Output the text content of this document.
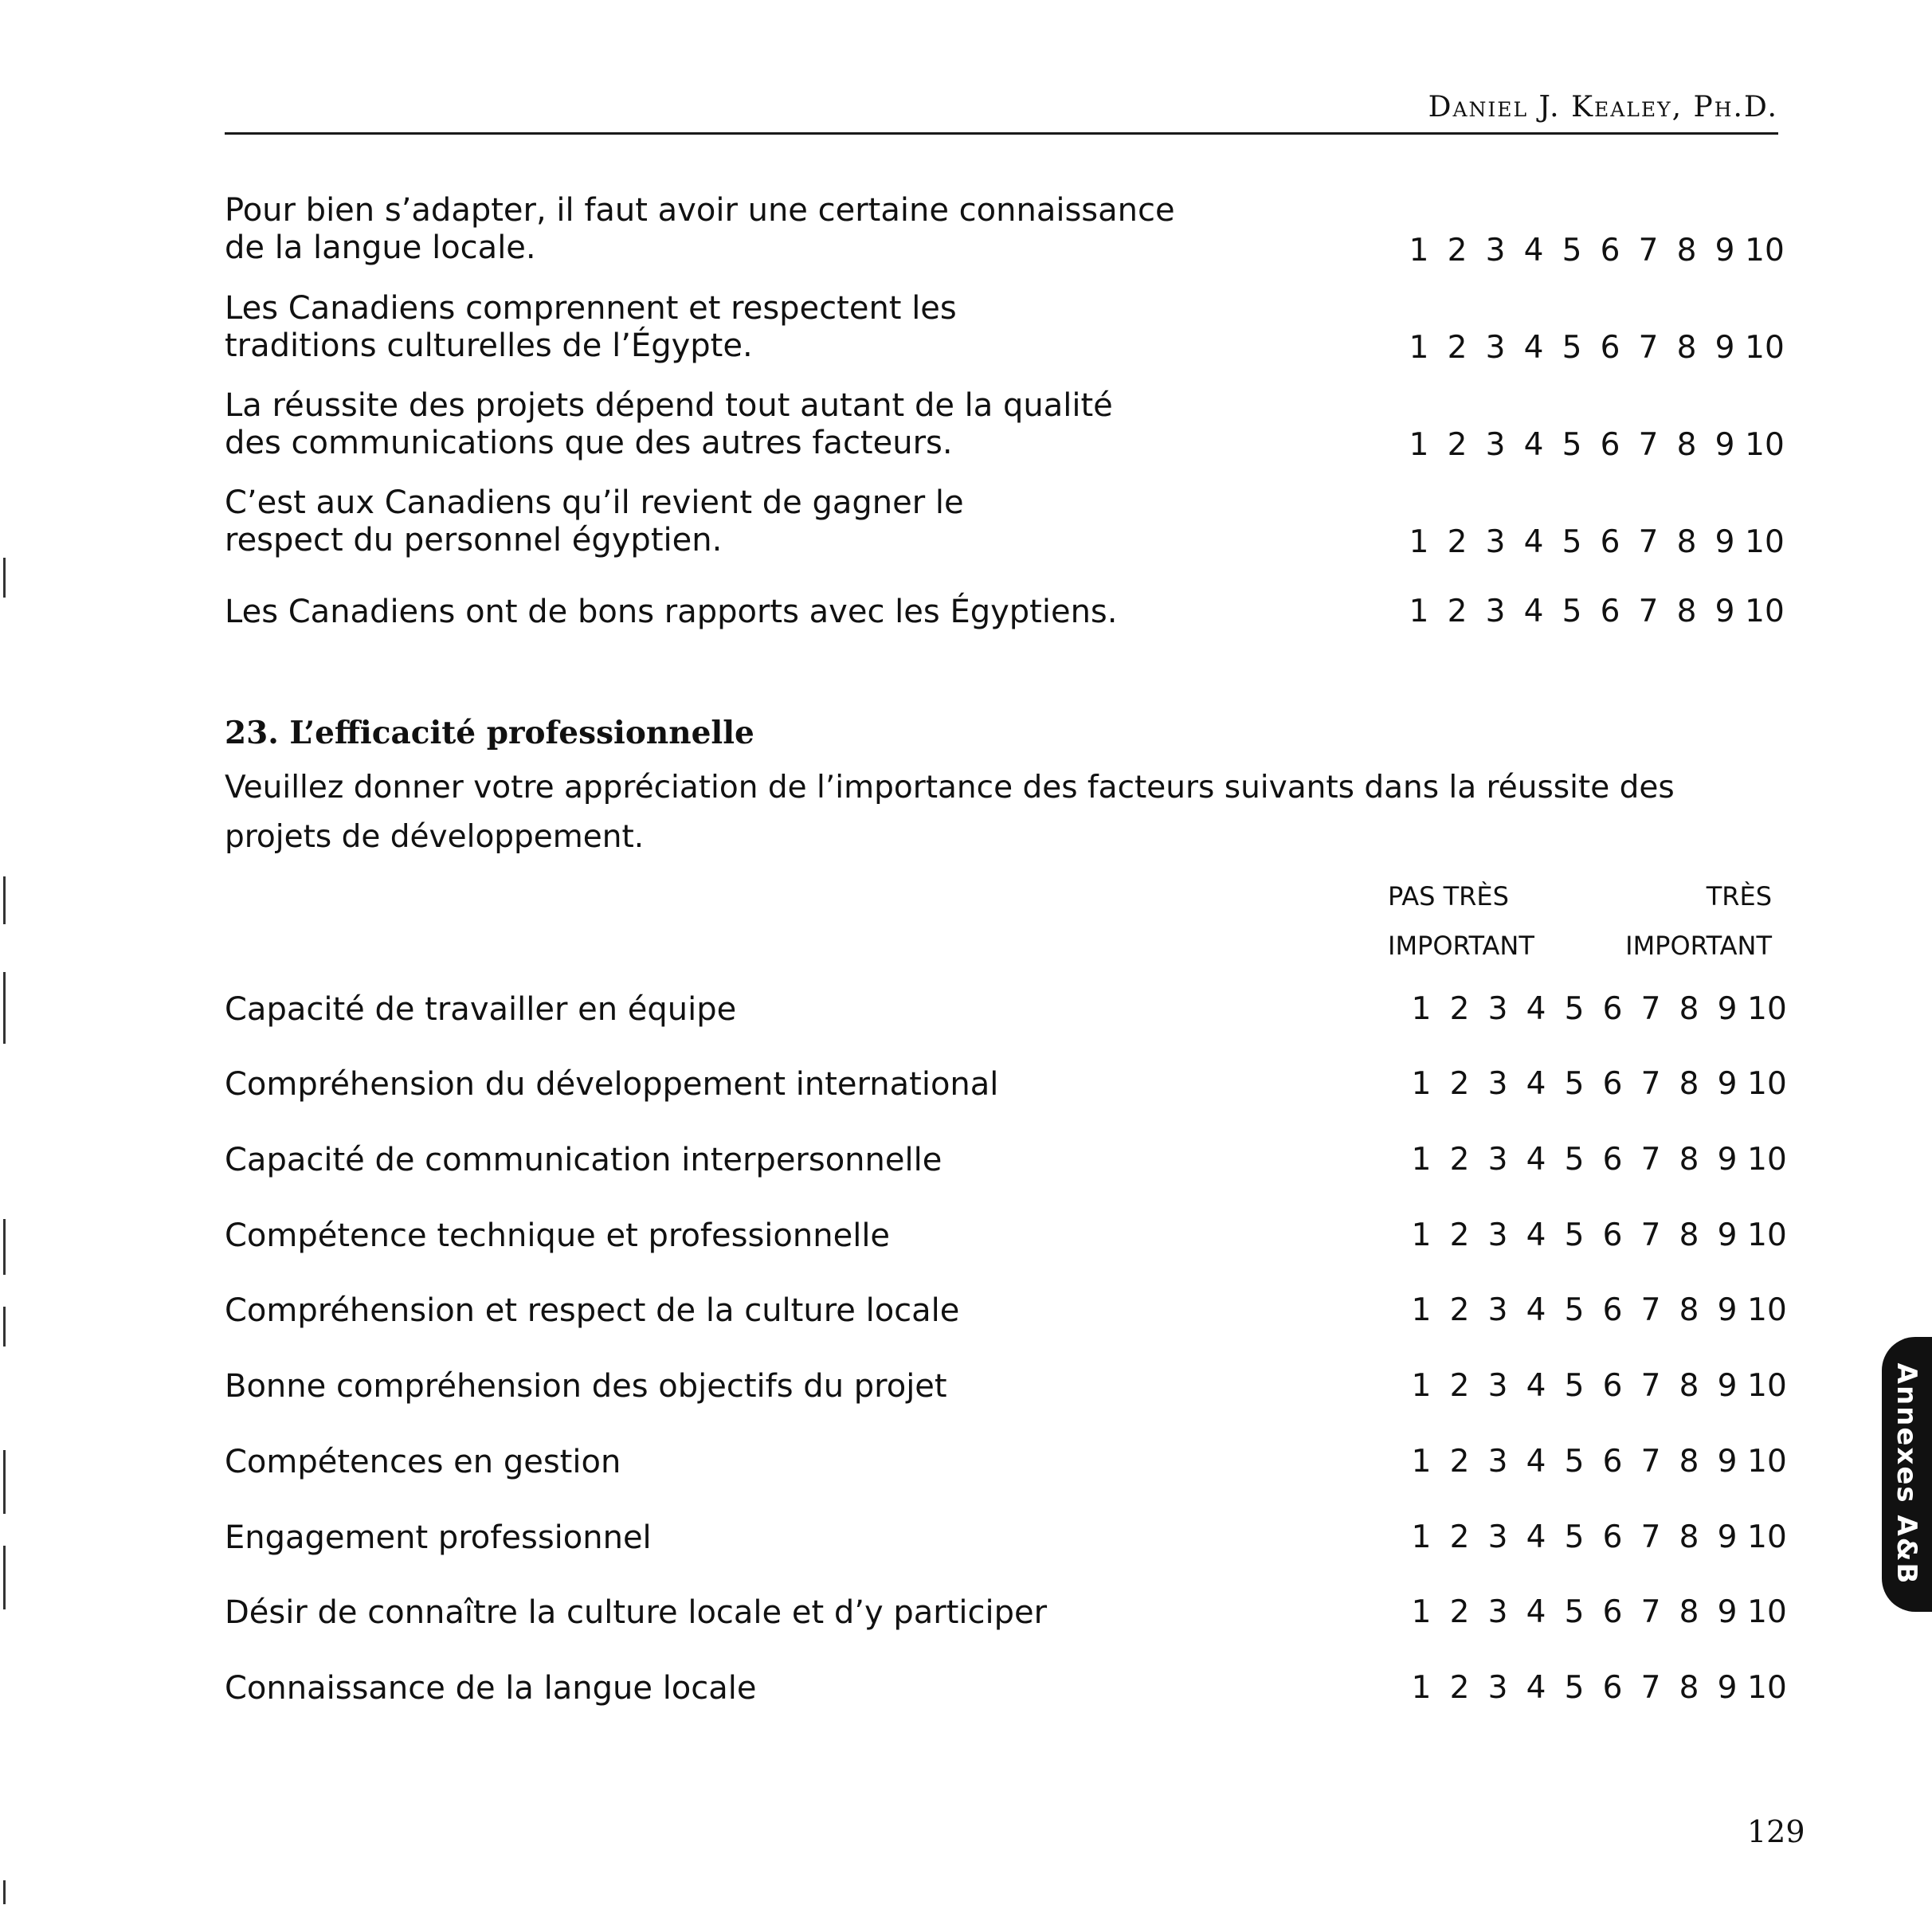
Daniel J. Kealey, Ph.D.
Pour bien s’adapter, il faut avoir une certaine connaissance
de la langue locale.	1 2 3 4 5 6 7 8 9 10
Les Canadiens comprennent et respectent les
traditions culturelles de l’Égypte.	1 2 3 4 5 6 7 8 9 10
La réussite des projets dépend tout autant de la qualité
des communications que des autres facteurs.	1 2 3 4 5 6 7 8 9 10
C’est aux Canadiens qu’il revient de gagner le
respect du personnel égyptien.	1 2 3 4 5 6 7 8 9 10
Les Canadiens ont de bons rapports avec les Égyptiens.	1 2 3 4 5 6 7 8 9 10
23. L’efficacité professionnelle
Veuillez donner votre appréciation de l’importance des facteurs suivants dans la réussite des projets de développement.
PAS TRÈS
IMPORTANT
TRÈS
IMPORTANT
Capacité de travailler en équipe	1 2 3 4 5 6 7 8 9 10
Compréhension du développement international	1 2 3 4 5 6 7 8 9 10
Capacité de communication interpersonnelle	1 2 3 4 5 6 7 8 9 10
Compétence technique et professionnelle	1 2 3 4 5 6 7 8 9 10
Compréhension et respect de la culture locale	1 2 3 4 5 6 7 8 9 10
Bonne compréhension des objectifs du projet	1 2 3 4 5 6 7 8 9 10
Compétences en gestion	1 2 3 4 5 6 7 8 9 10
Engagement professionnel	1 2 3 4 5 6 7 8 9 10
Désir de connaître la culture locale et d’y participer	1 2 3 4 5 6 7 8 9 10
Connaissance de la langue locale	1 2 3 4 5 6 7 8 9 10
129
Annexes A&B
